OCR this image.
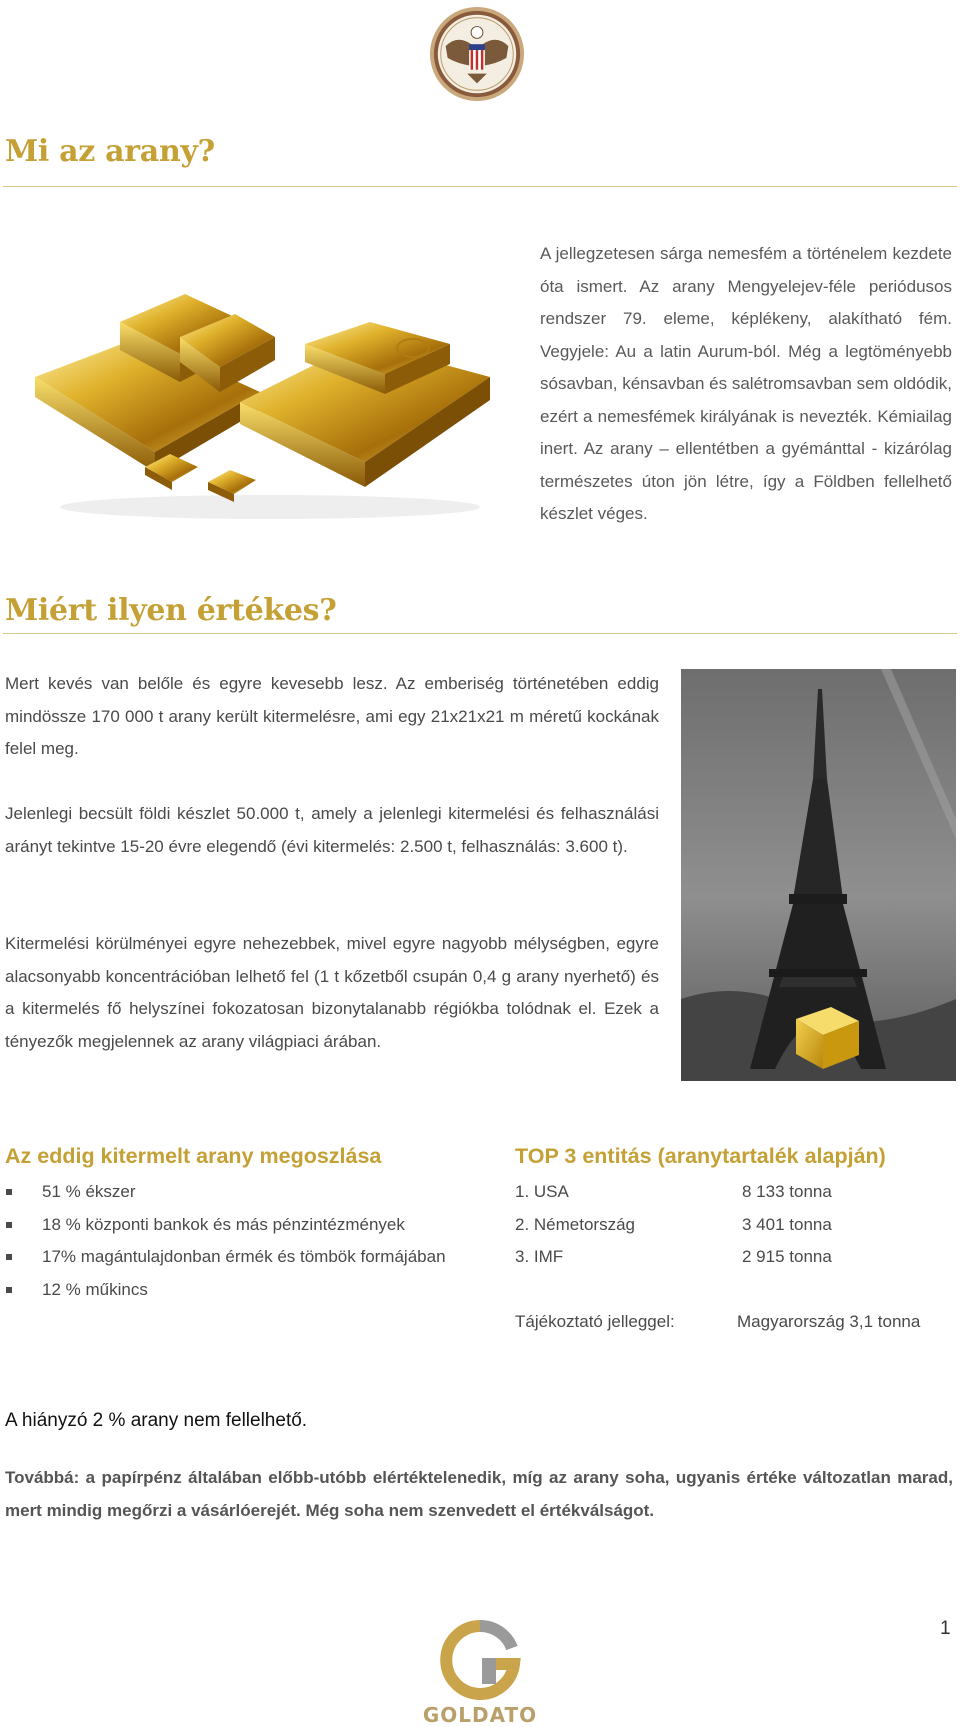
Mi az arany?

A jellegzetesen sárga nemesfém a történelem kezdete óta ismert. Az arany Mengyelejev-féle periódusos rendszer 79. eleme, képlékeny, alakítható fém. Vegyjele: Au a latin Aurum-ból. Még a legtöményebb sósavban, kénsavban és salétromsavban sem oldódik, ezért a nemesfémek királyának is nevezték. Kémiailag inert. Az arany – ellentétben a gyémánttal - kizárólag természetes úton jön létre, így a Földben fellelhető készlet véges.

Miért ilyen értékes?

Mert kevés van belőle és egyre kevesebb lesz. Az emberiség történetében eddig mindössze 170 000 t arany került kitermelésre, ami egy 21x21x21 m méretű kockának felel meg.

Jelenlegi becsült földi készlet 50.000 t, amely a jelenlegi kitermelési és felhasználási arányt tekintve 15-20 évre elegendő (évi kitermelés: 2.500 t, felhasználás: 3.600 t).

Kitermelési körülményei egyre nehezebbek, mivel egyre nagyobb mélységben, egyre alacsonyabb koncentrációban lelhető fel (1 t kőzetből csupán 0,4 g arany nyerhető) és a kitermelés fő helyszínei fokozatosan bizonytalanabb régiókba tolódnak el. Ezek a tényezők megjelennek az arany világpiaci árában.

Az eddig kitermelt arany megoszlása
51 % ékszer
18 % központi bankok és más pénzintézmények
17% magántulajdonban érmék és tömbök formájában
12 % műkincs
TOP 3 entitás (aranytartalék alapján)
1. USA	8 133 tonna
2. Németország	3 401 tonna
3. IMF	2 915 tonna
Tájékoztató jelleggel:	Magyarország 3,1 tonna

A hiányzó 2 % arany nem fellelhető.

Továbbá: a papírpénz általában előbb-utóbb elértéktelenedik, míg az arany soha, ugyanis értéke változatlan marad, mert mindig megőrzi a vásárlóerejét. Még soha nem szenvedett el értékválságot.

1
GOLDATO
